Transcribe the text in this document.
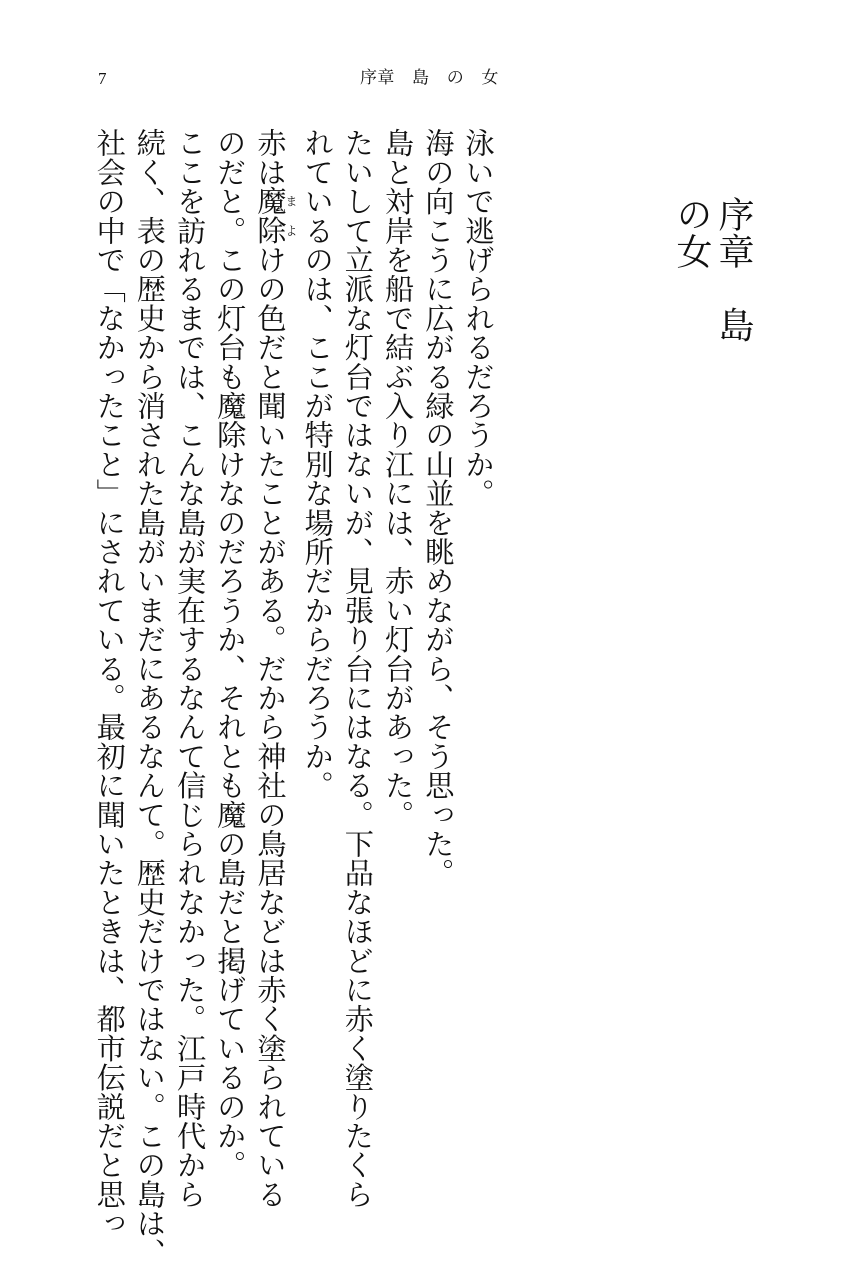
7	序章　島　の　女
序章　島の女

泳いで逃げられるだろうか。

海の向こうに広がる緑の山並を眺めながら、そう思った。

島と対岸を船で結ぶ入り江には、赤い灯台があった。

たいして立派な灯台ではないが、見張り台にはなる。下品なほどに赤く塗りたくら

れているのは、ここが特別な場所だからだろうか。

赤は魔除まよけの色だと聞いたことがある。だから神社の鳥居などは赤く塗られている

のだと。この灯台も魔除けなのだろうか、それとも魔の島だと掲げているのか。

ここを訪れるまでは、こんな島が実在するなんて信じられなかった。江戸時代から

続く、表の歴史から消された島がいまだにあるなんて。歴史だけではない。この島は、

社会の中で「なかったこと」にされている。最初に聞いたときは、都市伝説だと思っ
